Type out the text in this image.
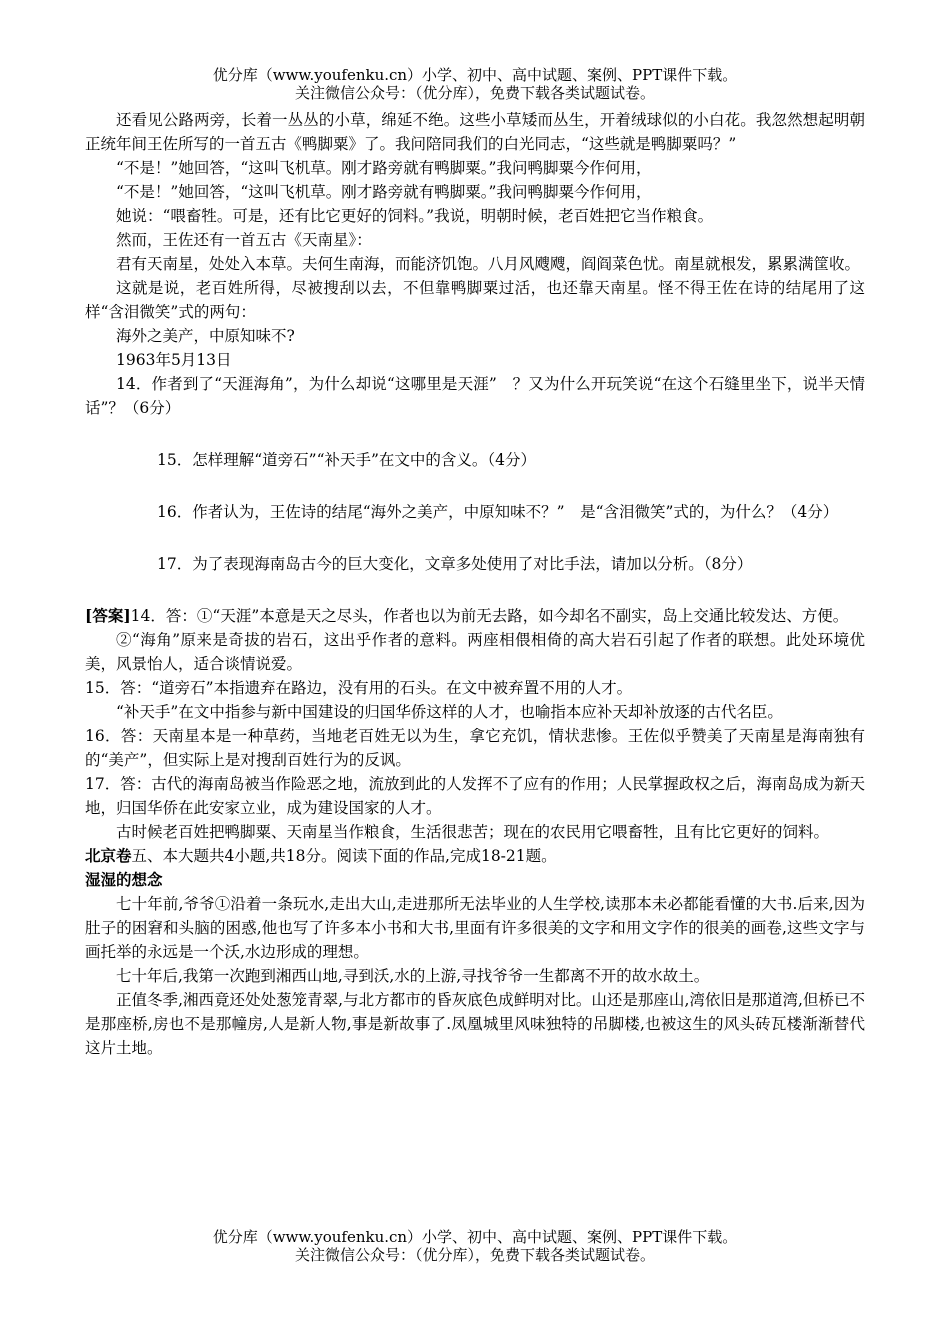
优分库（www.youfenku.cn）小学、初中、高中试题、案例、PPT课件下载。
关注微信公众号：（优分库），免费下载各类试题试卷。

还看见公路两旁，长着一丛丛的小草，绵延不绝。这些小草矮而丛生，开着绒球似的小白花。我忽然想起明朝正统年间王佐所写的一首五古《鸭脚粟》了。我问陪同我们的白光同志，“这些就是鸭脚粟吗？”

“不是！”她回答，“这叫飞机草。刚才路旁就有鸭脚粟。”我问鸭脚粟今作何用，

“不是！”她回答，“这叫飞机草。刚才路旁就有鸭脚粟。”我问鸭脚粟今作何用，

她说：“喂畜牲。可是，还有比它更好的饲料。”我说，明朝时候，老百姓把它当作粮食。

然而，王佐还有一首五古《天南星》：

君有天南星，处处入本草。夫何生南海，而能济饥饱。八月风飕飕，阎阎菜色忧。南星就根发，累累满筐收。

这就是说，老百姓所得，尽被搜刮以去，不但靠鸭脚粟过活，也还靠天南星。怪不得王佐在诗的结尾用了这样“含泪微笑”式的两句：

海外之美产，中原知味不?

1963年5月13日

14．作者到了“天涯海角”，为什么却说“这哪里是天涯”　？又为什么开玩笑说“在这个石缝里坐下，说半天情话”？（6分）

15．怎样理解“道旁石”“补天手”在文中的含义。（4分）

16．作者认为，王佐诗的结尾“海外之美产，中原知味不？”　是“含泪微笑”式的，为什么？（4分）

17．为了表现海南岛古今的巨大变化，文章多处使用了对比手法，请加以分析。（8分）

[答案]14．答：①“天涯”本意是天之尽头，作者也以为前无去路，如今却名不副实，岛上交通比较发达、方便。

②“海角”原来是奇拔的岩石，这出乎作者的意料。两座相偎相倚的高大岩石引起了作者的联想。此处环境优美，风景怡人，适合谈情说爱。

15．答：“道旁石”本指遗弃在路边，没有用的石头。在文中被弃置不用的人才。

“补天手”在文中指参与新中国建设的归国华侨这样的人才，也喻指本应补天却补放逐的古代名臣。

16．答：天南星本是一种草药，当地老百姓无以为生，拿它充饥，情状悲惨。王佐似乎赞美了天南星是海南独有的“美产”，但实际上是对搜刮百姓行为的反讽。

17．答：古代的海南岛被当作险恶之地，流放到此的人发挥不了应有的作用；人民掌握政权之后，海南岛成为新天地，归国华侨在此安家立业，成为建设国家的人才。

古时候老百姓把鸭脚粟、天南星当作粮食，生活很悲苦；现在的农民用它喂畜牲，且有比它更好的饲料。

北京卷五、本大题共4小题,共18分。阅读下面的作品,完成18-21题。

湿湿的想念

七十年前,爷爷①沿着一条玩水,走出大山,走进那所无法毕业的人生学校,读那本未必都能看懂的大书.后来,因为肚子的困窘和头脑的困惑,他也写了许多本小书和大书,里面有许多很美的文字和用文字作的很美的画卷,这些文字与画托举的永远是一个沃,水边形成的理想。

七十年后,我第一次跑到湘西山地,寻到沃,水的上游,寻找爷爷一生都离不开的故水故土。

正值冬季,湘西竟还处处葱笼青翠,与北方都市的昏灰底色成鲜明对比。山还是那座山,湾依旧是那道湾,但桥已不是那座桥,房也不是那幢房,人是新人物,事是新故事了.凤凰城里风味独特的吊脚楼,也被这生的风头砖瓦楼渐渐替代这片土地。

优分库（www.youfenku.cn）小学、初中、高中试题、案例、PPT课件下载。
关注微信公众号：（优分库），免费下载各类试题试卷。
